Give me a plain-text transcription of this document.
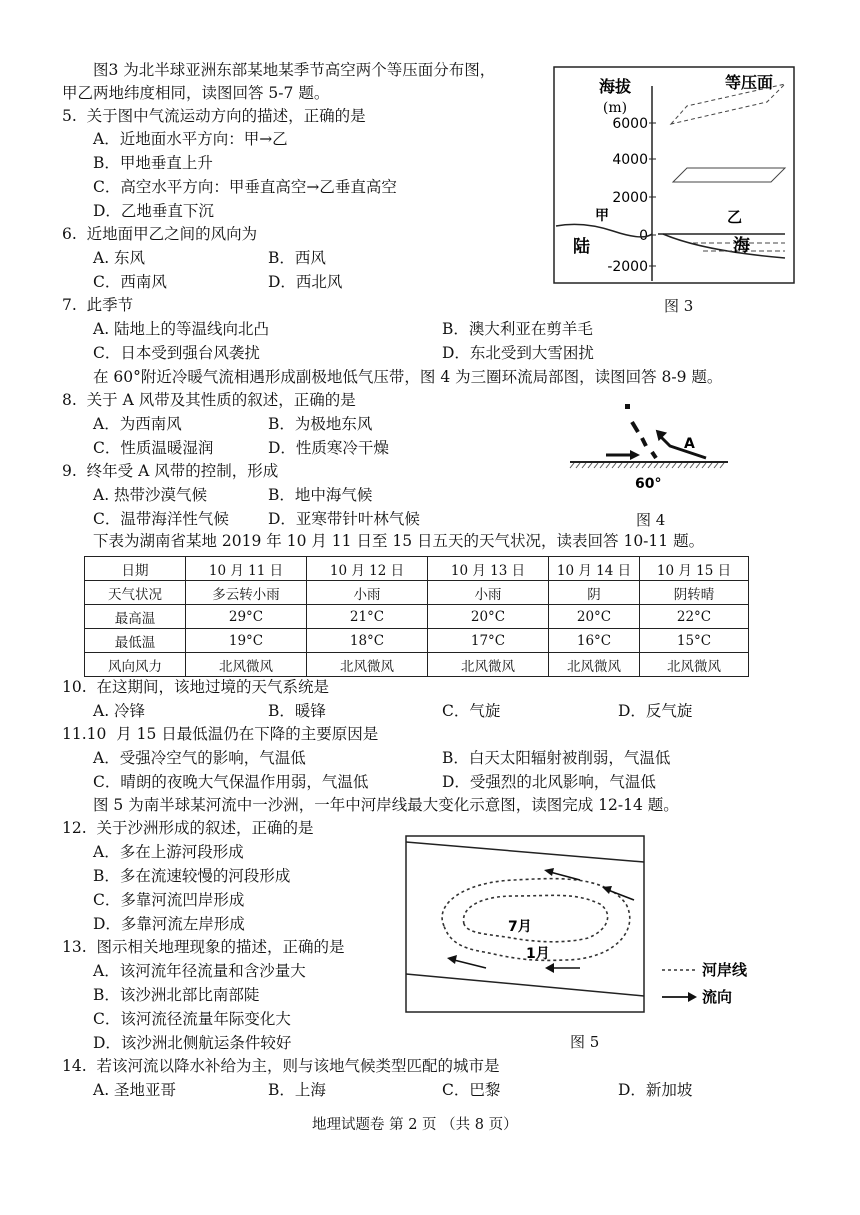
图3 为北半球亚洲东部某地某季节高空两个等压面分布图，
甲乙两地纬度相同，读图回答 5-7 题。
5.  关于图中气流运动方向的描述，正确的是
A．近地面水平方向：甲→乙
B．甲地垂直上升
C．高空水平方向：甲垂直高空→乙垂直高空
D．乙地垂直下沉
6.  近地面甲乙之间的风向为
A. 东风	B．西风
C．西南风	D．西北风
7.  此季节
A. 陆地上的等温线向北凸	B．澳大利亚在剪羊毛
C．日本受到强台风袭扰	D．东北受到大雪困扰
海拔
(m)
等压面
6000
4000
2000
0
-2000
甲
陆
乙
海
图 3
在 60°附近冷暖气流相遇形成副极地低气压带，图 4 为三圈环流局部图，读图回答 8-9 题。
8.  关于 A 风带及其性质的叙述，正确的是
A．为西南风	B．为极地东风
C．性质温暖湿润	D．性质寒冷干燥
9.  终年受 A 风带的控制，形成
A. 热带沙漠气候	B．地中海气候
C．温带海洋性气候	D．亚寒带针叶林气候
A
60°
图 4
下表为湖南省某地 2019 年 10 月 11 日至 15 日五天的天气状况，读表回答 10-11 题。
日期	10 月 11 日	10 月 12 日	10 月 13 日	10 月 14 日	10 月 15 日
天气状况	多云转小雨	小雨	小雨	阴	阴转晴
最高温	29°C	21°C	20°C	20°C	22°C
最低温	19°C	18°C	17°C	16°C	15°C
风向风力	北风微风	北风微风	北风微风	北风微风	北风微风
10.  在这期间，该地过境的天气系统是
A. 冷锋	B．暖锋	C．气旋	D．反气旋
11.10  月 15 日最低温仍在下降的主要原因是
A．受强冷空气的影响，气温低	B．白天太阳辐射被削弱，气温低
C．晴朗的夜晚大气保温作用弱，气温低	D．受强烈的北风影响，气温低
图 5 为南半球某河流中一沙洲，一年中河岸线最大变化示意图，读图完成 12-14 题。
12.  关于沙洲形成的叙述，正确的是
A．多在上游河段形成
B．多在流速较慢的河段形成
C．多靠河流凹岸形成
D．多靠河流左岸形成
13.  图示相关地理现象的描述，正确的是
A．该河流年径流量和含沙量大
B．该沙洲北部比南部陡
C．该河流径流量年际变化大
D．该沙洲北侧航运条件较好
7月
1月
河岸线
流向
图 5
14.  若该河流以降水补给为主，则与该地气候类型匹配的城市是
A. 圣地亚哥	B．上海	C．巴黎	D．新加坡
地理试题卷 第 2 页 （共 8 页）
